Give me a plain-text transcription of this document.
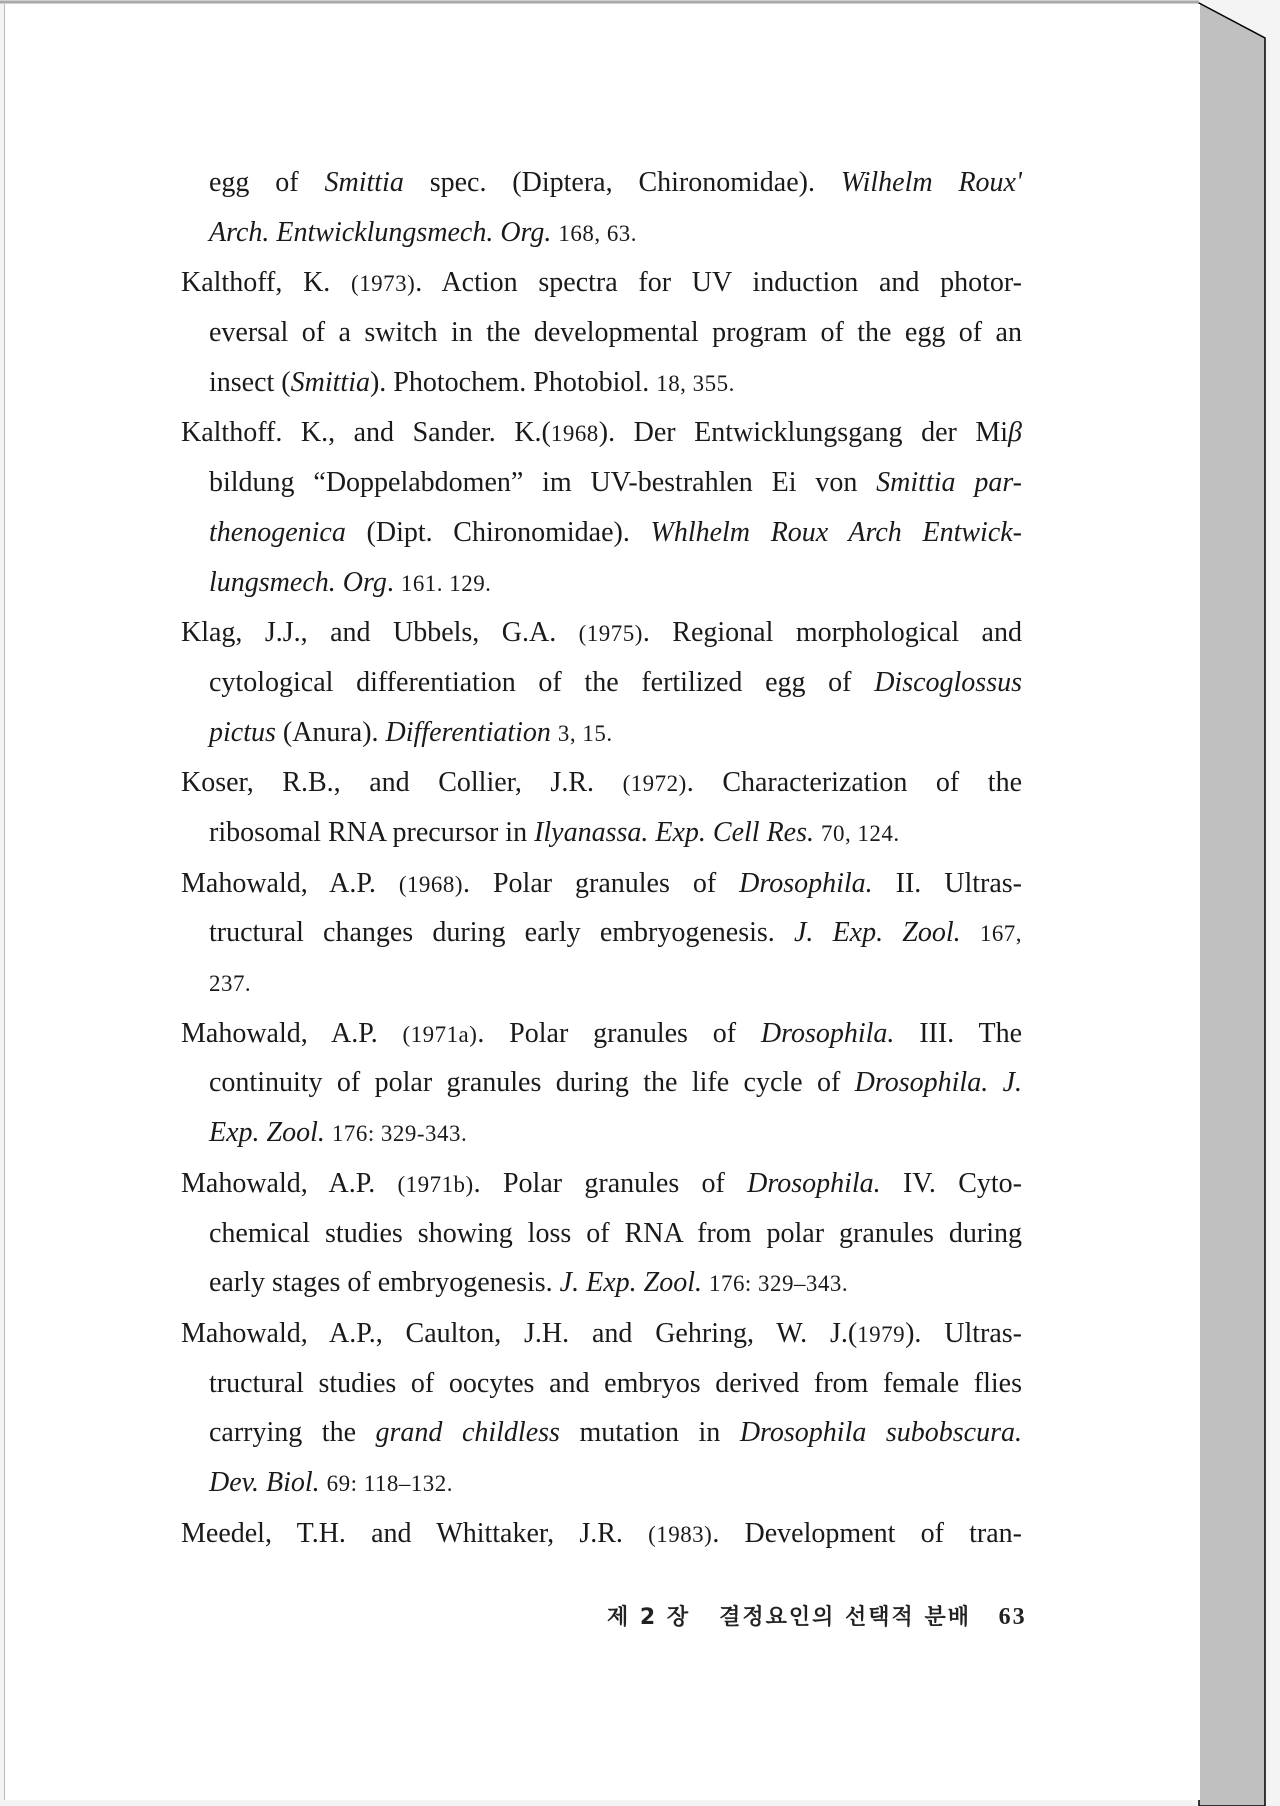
egg of Smittia spec. (Diptera, Chironomidae). Wilhelm Roux'
Arch. Entwicklungsmech. Org. 168, 63.
Kalthoff, K. (1973). Action spectra for UV induction and photor-
eversal of a switch in the developmental program of the egg of an
insect (Smittia). Photochem. Photobiol. 18, 355.
Kalthoff. K., and Sander. K.(1968). Der Entwicklungsgang der Miβ
bildung “Doppelabdomen” im UV-bestrahlen Ei von Smittia par-
thenogenica (Dipt. Chironomidae). Whlhelm Roux Arch Entwick-
lungsmech. Org. 161. 129.
Klag, J.J., and Ubbels, G.A. (1975). Regional morphological and
cytological differentiation of the fertilized egg of Discoglossus
pictus (Anura). Differentiation 3, 15.
Koser, R.B., and Collier, J.R. (1972). Characterization of the
ribosomal RNA precursor in Ilyanassa. Exp. Cell Res. 70, 124.
Mahowald, A.P. (1968). Polar granules of Drosophila. II. Ultras-
tructural changes during early embryogenesis. J. Exp. Zool. 167,
237.
Mahowald, A.P. (1971a). Polar granules of Drosophila. III. The
continuity of polar granules during the life cycle of Drosophila. J.
Exp. Zool. 176: 329-343.
Mahowald, A.P. (1971b). Polar granules of Drosophila. IV. Cyto-
chemical studies showing loss of RNA from polar granules during
early stages of embryogenesis. J. Exp. Zool. 176: 329–343.
Mahowald, A.P., Caulton, J.H. and Gehring, W. J.(1979). Ultras-
tructural studies of oocytes and embryos derived from female flies
carrying the grand childless mutation in Drosophila subobscura.
Dev. Biol. 69: 118–132.
Meedel, T.H. and Whittaker, J.R. (1983). Development of tran-
제 2 장 결정요인의 선택적 분배 63
